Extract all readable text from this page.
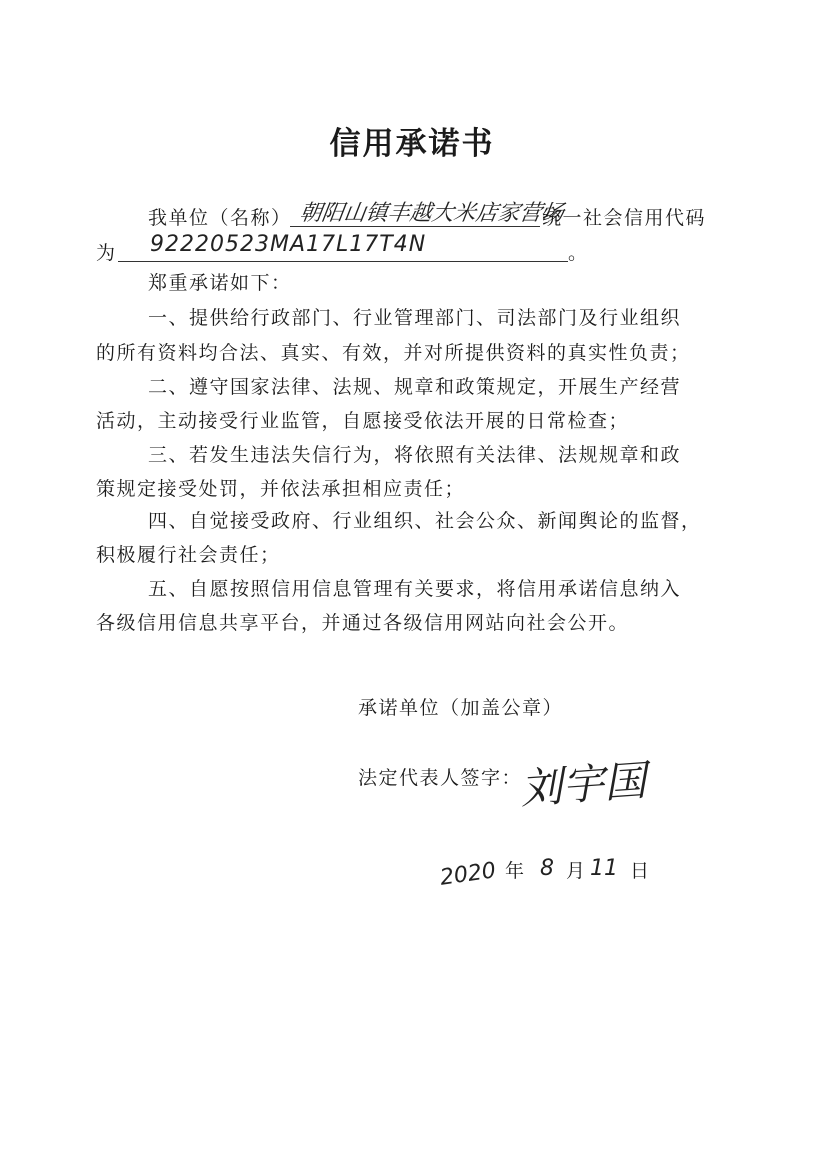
信用承诺书
我单位（名称） 朝阳山镇丰越大米店家营场
统一社会信用代码
为 92220523MA17L17T4N	。
郑重承诺如下：
一、提供给行政部门、行业管理部门、司法部门及行业组织
的所有资料均合法、真实、有效，并对所提供资料的真实性负责；
二、遵守国家法律、法规、规章和政策规定，开展生产经营
活动，主动接受行业监管，自愿接受依法开展的日常检查；
三、若发生违法失信行为，将依照有关法律、法规规章和政
策规定接受处罚，并依法承担相应责任；
四、自觉接受政府、行业组织、社会公众、新闻舆论的监督，
积极履行社会责任；
五、自愿按照信用信息管理有关要求，将信用承诺信息纳入
各级信用信息共享平台，并通过各级信用网站向社会公开。
承诺单位（加盖公章）
法定代表人签字：
刘宇国
2020 年 8 月 11 日
